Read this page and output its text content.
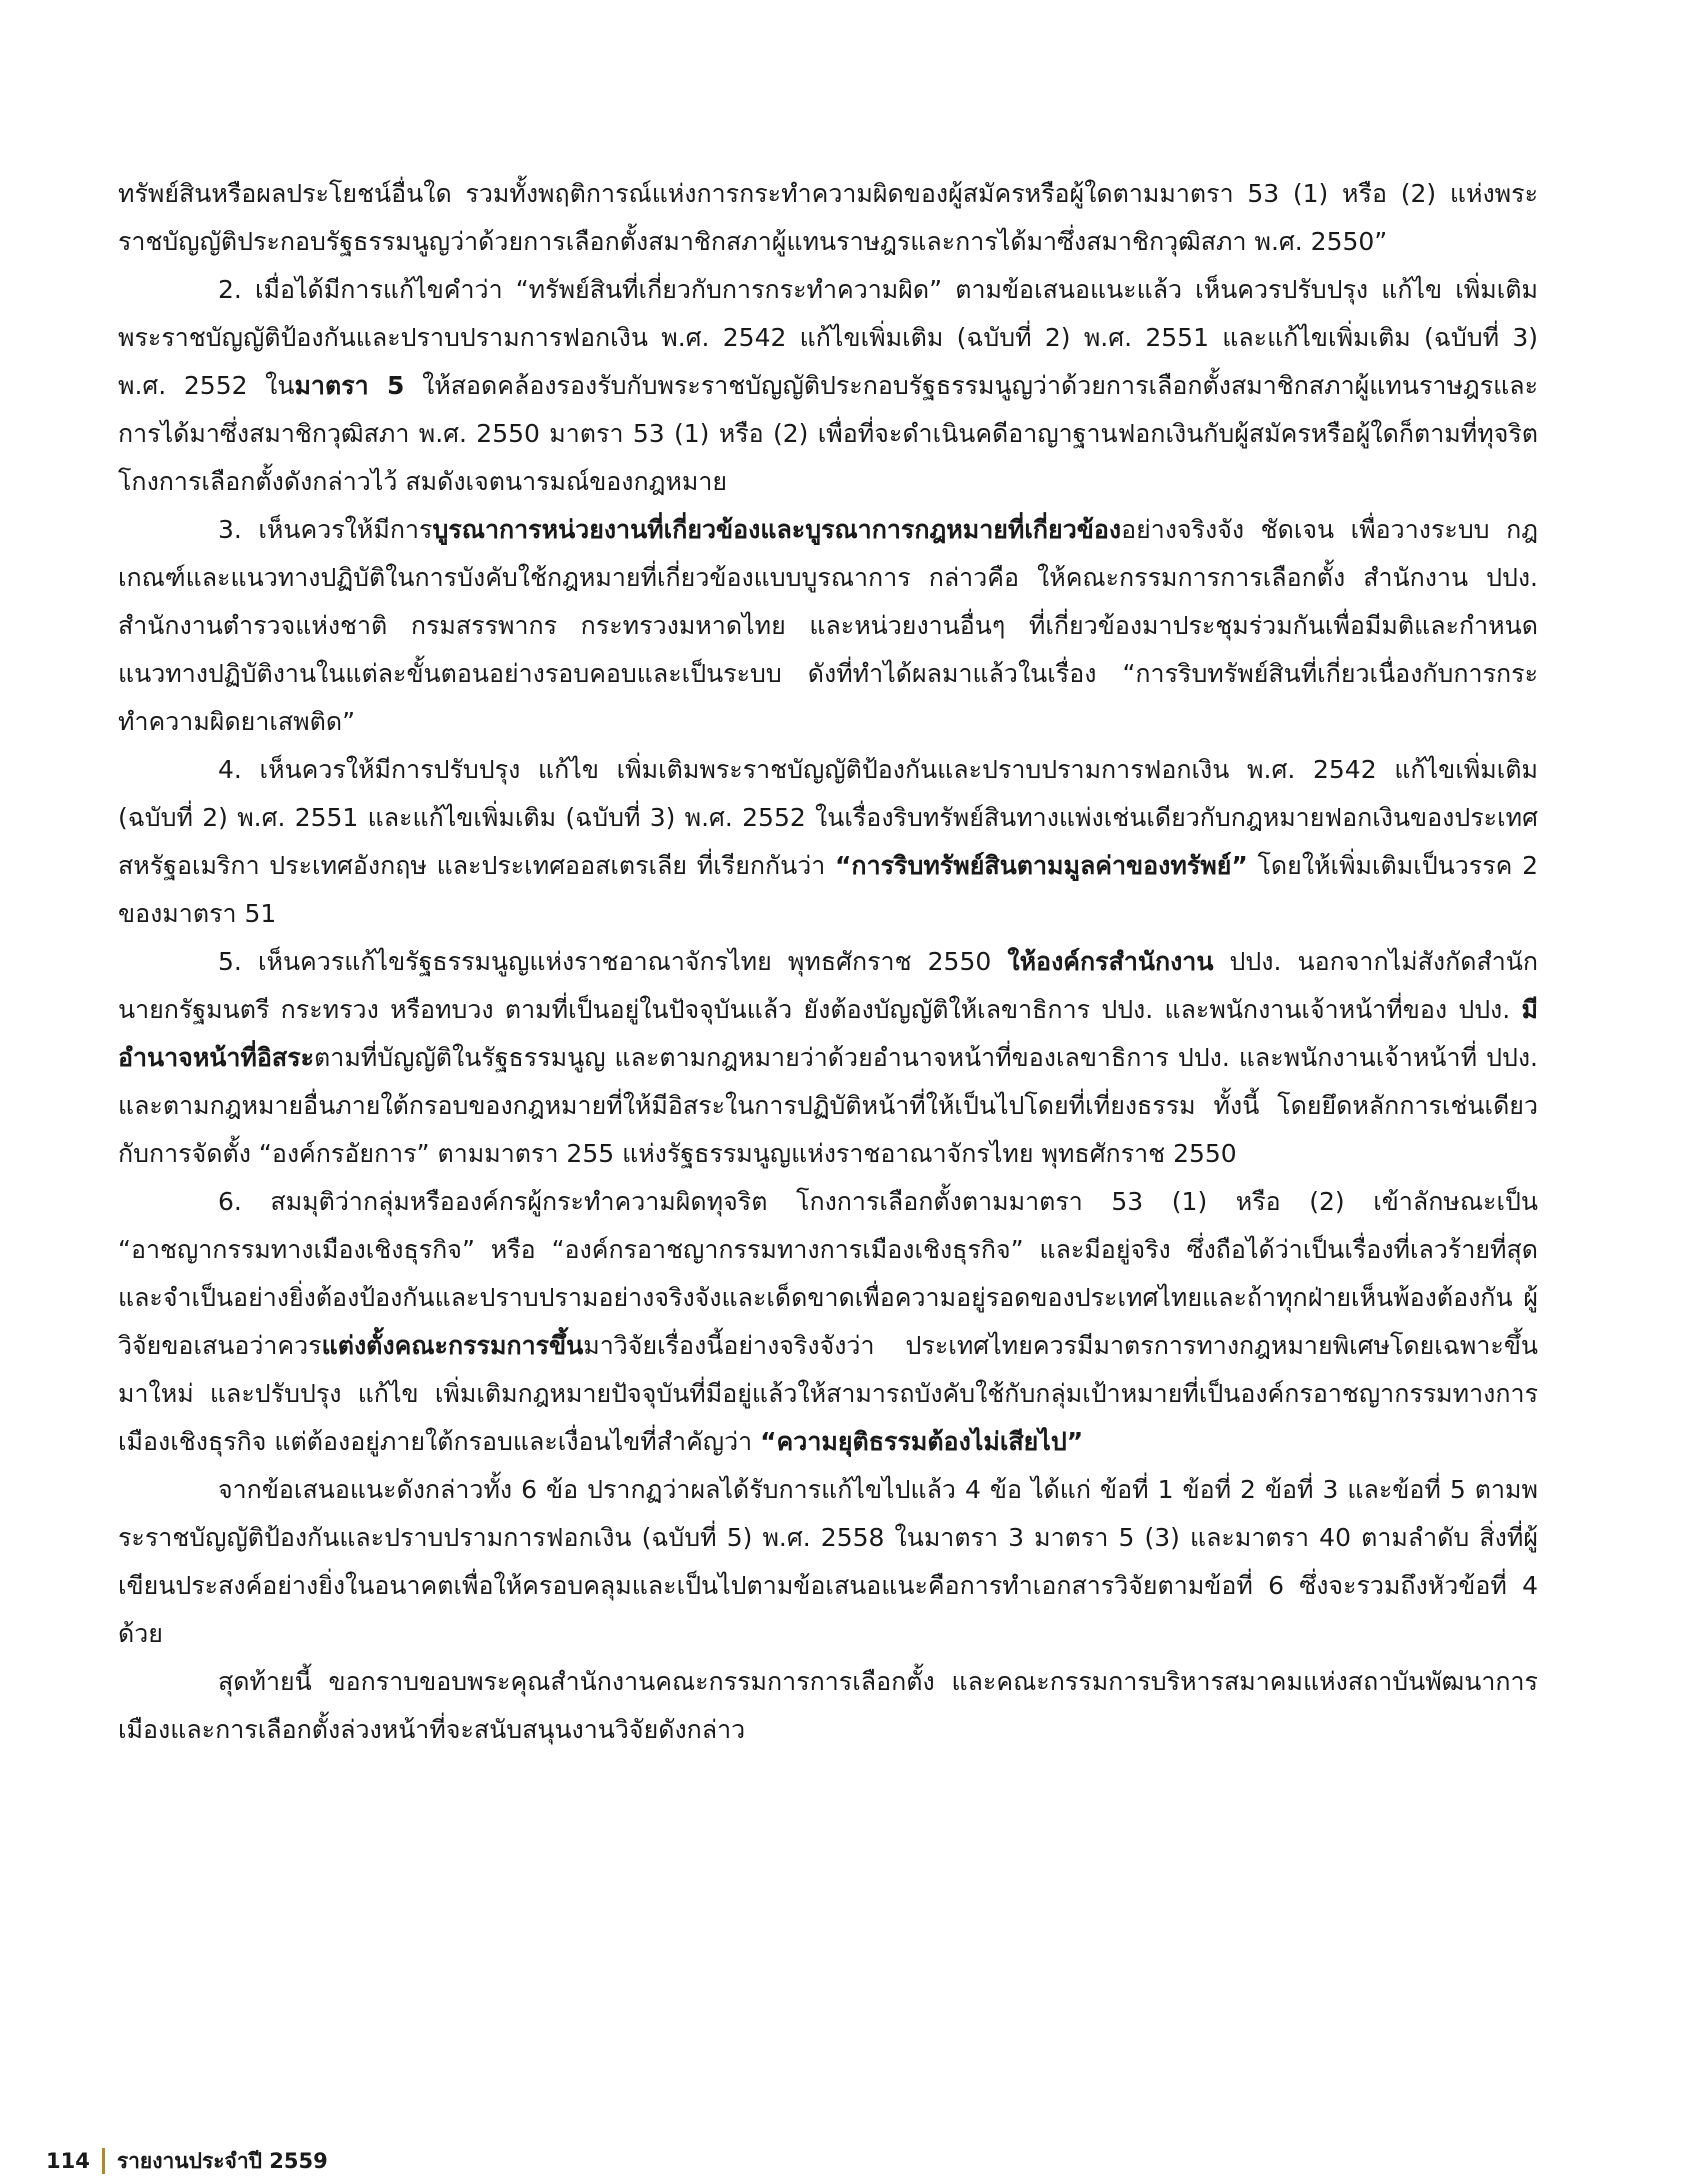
ทรัพย์สินหรือผลประโยชน์อื่นใด รวมทั้งพฤติการณ์แห่งการกระทำความผิดของผู้สมัครหรือผู้ใดตามมาตรา 53 (1) หรือ (2) แห่งพระราชบัญญัติประกอบรัฐธรรมนูญว่าด้วยการเลือกตั้งสมาชิกสภาผู้แทนราษฎรและการได้มาซึ่งสมาชิกวุฒิสภา พ.ศ. 2550”

2. เมื่อได้มีการแก้ไขคำว่า “ทรัพย์สินที่เกี่ยวกับการกระทำความผิด” ตามข้อเสนอแนะแล้ว เห็นควรปรับปรุง แก้ไข เพิ่มเติมพระราชบัญญัติป้องกันและปราบปรามการฟอกเงิน พ.ศ. 2542 แก้ไขเพิ่มเติม (ฉบับที่ 2) พ.ศ. 2551 และแก้ไขเพิ่มเติม (ฉบับที่ 3) พ.ศ. 2552 ในมาตรา 5 ให้สอดคล้องรองรับกับพระราชบัญญัติประกอบรัฐธรรมนูญว่าด้วยการเลือกตั้งสมาชิกสภาผู้แทนราษฎรและการได้มาซึ่งสมาชิกวุฒิสภา พ.ศ. 2550 มาตรา 53 (1) หรือ (2) เพื่อที่จะดำเนินคดีอาญาฐานฟอกเงินกับผู้สมัครหรือผู้ใดก็ตามที่ทุจริตโกงการเลือกตั้งดังกล่าวไว้ สมดังเจตนารมณ์ของกฎหมาย

3. เห็นควรให้มีการบูรณาการหน่วยงานที่เกี่ยวข้องและบูรณาการกฎหมายที่เกี่ยวข้องอย่างจริงจัง ชัดเจน เพื่อวางระบบ กฎเกณฑ์และแนวทางปฏิบัติในการบังคับใช้กฎหมายที่เกี่ยวข้องแบบบูรณาการ กล่าวคือ ให้คณะกรรมการการเลือกตั้ง สำนักงาน ปปง. สำนักงานตำรวจแห่งชาติ กรมสรรพากร กระทรวงมหาดไทย และหน่วยงานอื่นๆ ที่เกี่ยวข้องมาประชุมร่วมกันเพื่อมีมติและกำหนดแนวทางปฏิบัติงานในแต่ละขั้นตอนอย่างรอบคอบและเป็นระบบ ดังที่ทำได้ผลมาแล้วในเรื่อง “การริบทรัพย์สินที่เกี่ยวเนื่องกับการกระทำความผิดยาเสพติด”

4. เห็นควรให้มีการปรับปรุง แก้ไข เพิ่มเติมพระราชบัญญัติป้องกันและปราบปรามการฟอกเงิน พ.ศ. 2542 แก้ไขเพิ่มเติม (ฉบับที่ 2) พ.ศ. 2551 และแก้ไขเพิ่มเติม (ฉบับที่ 3) พ.ศ. 2552 ในเรื่องริบทรัพย์สินทางแพ่งเช่นเดียวกับกฎหมายฟอกเงินของประเทศสหรัฐอเมริกา ประเทศอังกฤษ และประเทศออสเตรเลีย ที่เรียกกันว่า “การริบทรัพย์สินตามมูลค่าของทรัพย์” โดยให้เพิ่มเติมเป็นวรรค 2 ของมาตรา 51

5. เห็นควรแก้ไขรัฐธรรมนูญแห่งราชอาณาจักรไทย พุทธศักราช 2550 ให้องค์กรสำนักงาน ปปง. นอกจากไม่สังกัดสำนักนายกรัฐมนตรี กระทรวง หรือทบวง ตามที่เป็นอยู่ในปัจจุบันแล้ว ยังต้องบัญญัติให้เลขาธิการ ปปง. และพนักงานเจ้าหน้าที่ของ ปปง. มีอำนาจหน้าที่อิสระตามที่บัญญัติในรัฐธรรมนูญ และตามกฎหมายว่าด้วยอำนาจหน้าที่ของเลขาธิการ ปปง. และพนักงานเจ้าหน้าที่ ปปง. และตามกฎหมายอื่นภายใต้กรอบของกฎหมายที่ให้มีอิสระในการปฏิบัติหน้าที่ให้เป็นไปโดยที่เที่ยงธรรม ทั้งนี้ โดยยึดหลักการเช่นเดียวกับการจัดตั้ง “องค์กรอัยการ” ตามมาตรา 255 แห่งรัฐธรรมนูญแห่งราชอาณาจักรไทย พุทธศักราช 2550

6. สมมุติว่ากลุ่มหรือองค์กรผู้กระทำความผิดทุจริต โกงการเลือกตั้งตามมาตรา 53 (1) หรือ (2) เข้าลักษณะเป็น “อาชญากรรมทางเมืองเชิงธุรกิจ” หรือ “องค์กรอาชญากรรมทางการเมืองเชิงธุรกิจ” และมีอยู่จริง ซึ่งถือได้ว่าเป็นเรื่องที่เลวร้ายที่สุดและจำเป็นอย่างยิ่งต้องป้องกันและปราบปรามอย่างจริงจังและเด็ดขาดเพื่อความอยู่รอดของประเทศไทยและถ้าทุกฝ่ายเห็นพ้องต้องกัน ผู้วิจัยขอเสนอว่าควรแต่งตั้งคณะกรรมการขึ้นมาวิจัยเรื่องนี้อย่างจริงจังว่า ประเทศไทยควรมีมาตรการทางกฎหมายพิเศษโดยเฉพาะขึ้นมาใหม่ และปรับปรุง แก้ไข เพิ่มเติมกฎหมายปัจจุบันที่มีอยู่แล้วให้สามารถบังคับใช้กับกลุ่มเป้าหมายที่เป็นองค์กรอาชญากรรมทางการเมืองเชิงธุรกิจ แต่ต้องอยู่ภายใต้กรอบและเงื่อนไขที่สำคัญว่า “ความยุติธรรมต้องไม่เสียไป”

จากข้อเสนอแนะดังกล่าวทั้ง 6 ข้อ ปรากฏว่าผลได้รับการแก้ไขไปแล้ว 4 ข้อ ได้แก่ ข้อที่ 1 ข้อที่ 2 ข้อที่ 3 และข้อที่ 5 ตามพระราชบัญญัติป้องกันและปราบปรามการฟอกเงิน (ฉบับที่ 5) พ.ศ. 2558 ในมาตรา 3 มาตรา 5 (3) และมาตรา 40 ตามลำดับ สิ่งที่ผู้เขียนประสงค์อย่างยิ่งในอนาคตเพื่อให้ครอบคลุมและเป็นไปตามข้อเสนอแนะคือการทำเอกสารวิจัยตามข้อที่ 6 ซึ่งจะรวมถึงหัวข้อที่ 4 ด้วย

สุดท้ายนี้ ขอกราบขอบพระคุณสำนักงานคณะกรรมการการเลือกตั้ง และคณะกรรมการบริหารสมาคมแห่งสถาบันพัฒนาการเมืองและการเลือกตั้งล่วงหน้าที่จะสนับสนุนงานวิจัยดังกล่าว

114 รายงานประจำปี 2559
